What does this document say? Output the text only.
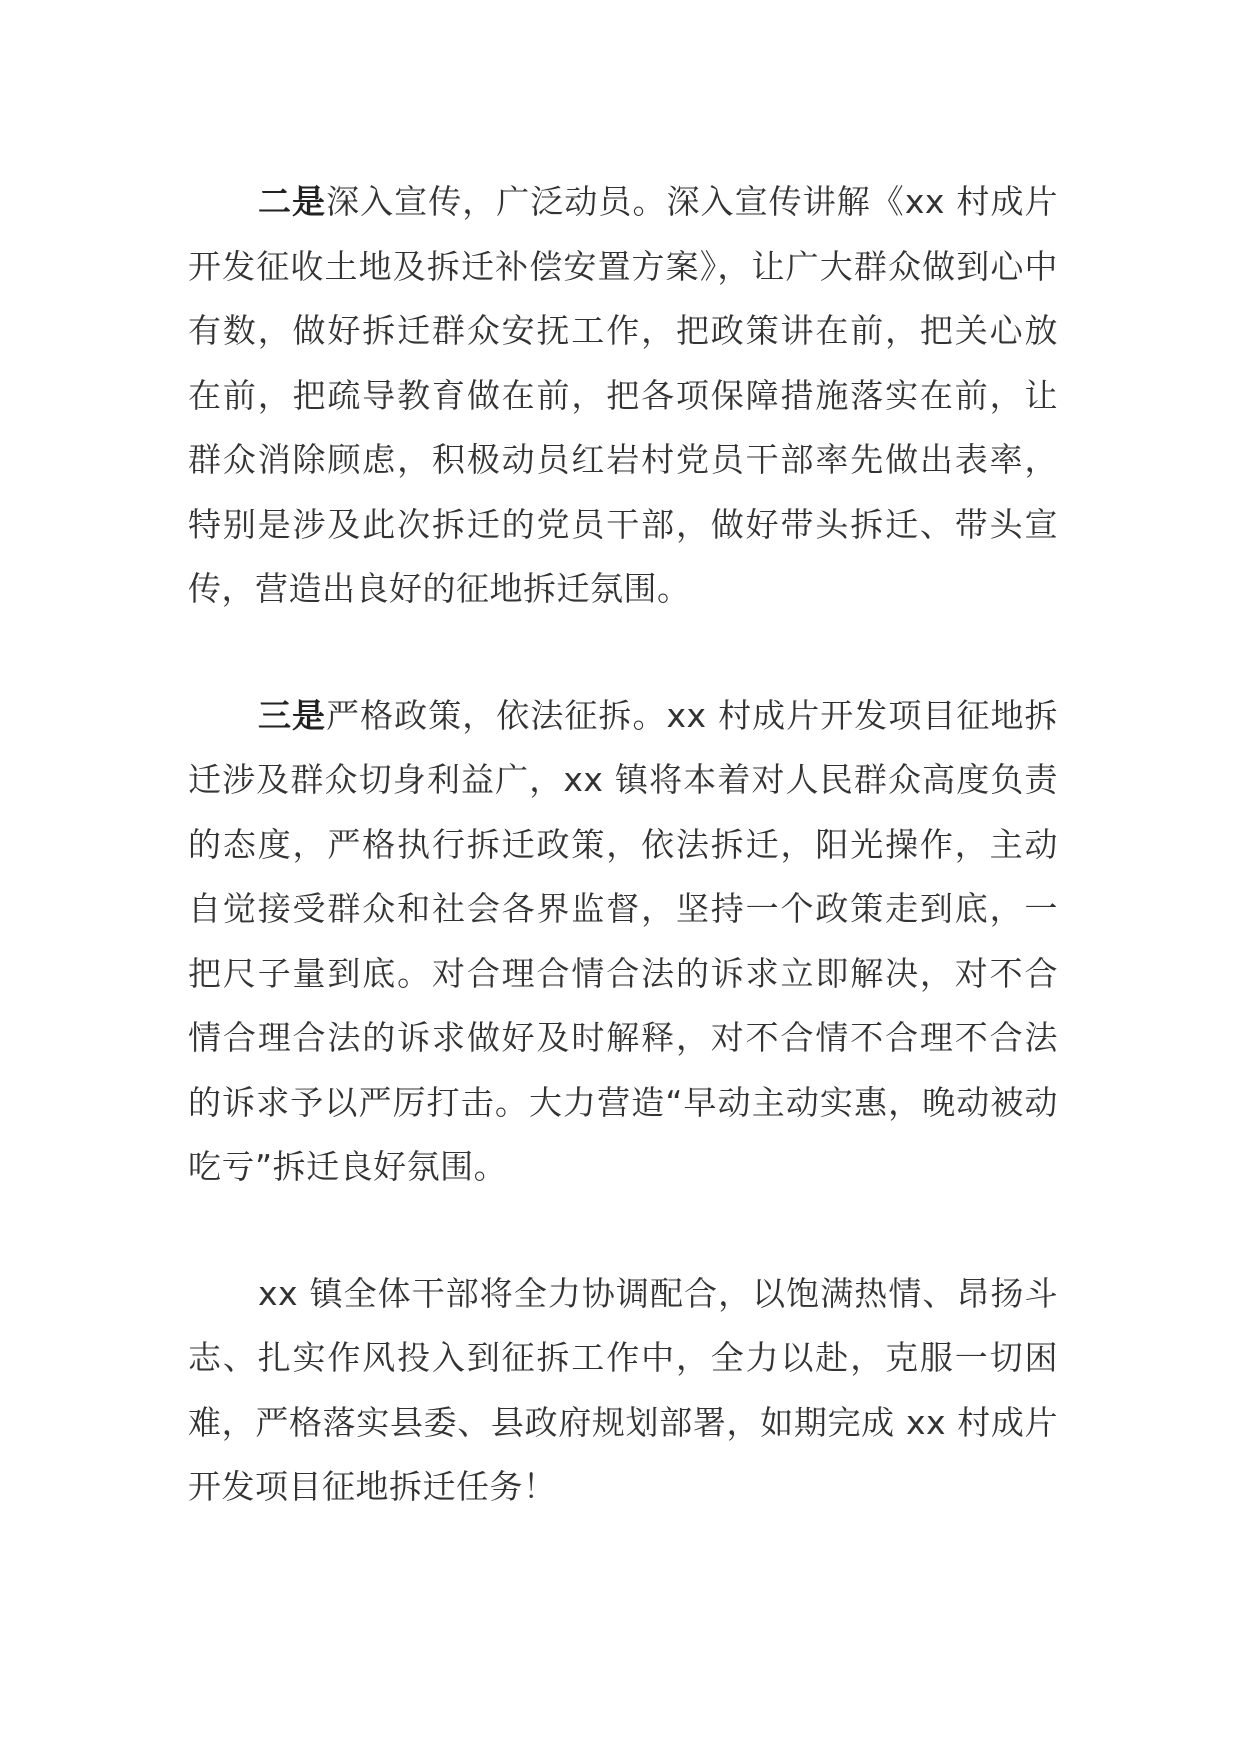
二是深入宣传，广泛动员。深入宣传讲解《xx 村成片开发征收土地及拆迁补偿安置方案》，让广大群众做到心中有数，做好拆迁群众安抚工作，把政策讲在前，把关心放在前，把疏导教育做在前，把各项保障措施落实在前，让群众消除顾虑，积极动员红岩村党员干部率先做出表率，特别是涉及此次拆迁的党员干部，做好带头拆迁、带头宣传，营造出良好的征地拆迁氛围。

三是严格政策，依法征拆。xx 村成片开发项目征地拆迁涉及群众切身利益广，xx 镇将本着对人民群众高度负责的态度，严格执行拆迁政策，依法拆迁，阳光操作，主动自觉接受群众和社会各界监督，坚持一个政策走到底，一把尺子量到底。对合理合情合法的诉求立即解决，对不合情合理合法的诉求做好及时解释，对不合情不合理不合法的诉求予以严厉打击。大力营造“早动主动实惠，晚动被动吃亏”拆迁良好氛围。

xx 镇全体干部将全力协调配合，以饱满热情、昂扬斗志、扎实作风投入到征拆工作中，全力以赴，克服一切困难，严格落实县委、县政府规划部署，如期完成 xx 村成片开发项目征地拆迁任务！
